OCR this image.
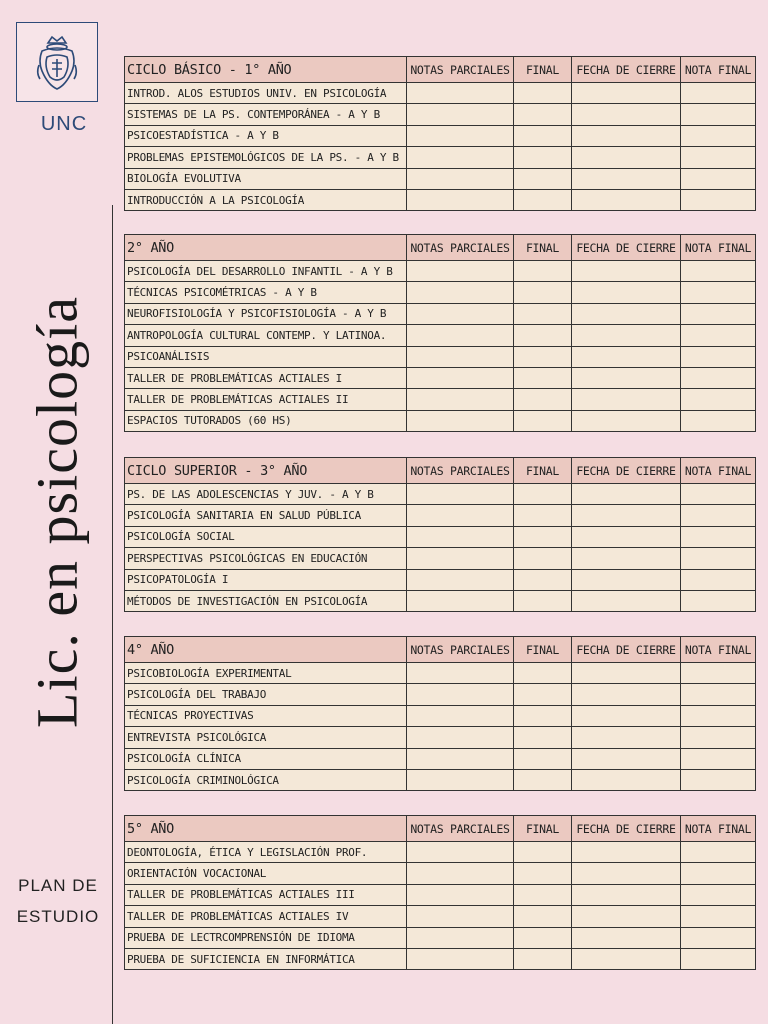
UNC
Lic. en psicología
PLAN DE
ESTUDIO
CICLO BÁSICO - 1° AÑO	NOTAS PARCIALES	FINAL	FECHA DE CIERRE	NOTA FINAL
INTROD. ALOS ESTUDIOS UNIV. EN PSICOLOGÍA				
SISTEMAS DE LA PS. CONTEMPORÁNEA - A Y B				
PSICOESTADÍSTICA - A Y B				
PROBLEMAS EPISTEMOLÓGICOS DE LA PS. - A Y B				
BIOLOGÍA EVOLUTIVA				
INTRODUCCIÓN A LA PSICOLOGÍA				
2° AÑO	NOTAS PARCIALES	FINAL	FECHA DE CIERRE	NOTA FINAL
PSICOLOGÍA DEL DESARROLLO INFANTIL - A Y B				
TÉCNICAS PSICOMÉTRICAS - A Y B				
NEUROFISIOLOGÍA Y PSICOFISIOLOGÍA - A Y B				
ANTROPOLOGÍA CULTURAL CONTEMP. Y LATINOA.				
PSICOANÁLISIS				
TALLER DE PROBLEMÁTICAS ACTIALES I				
TALLER DE PROBLEMÁTICAS ACTIALES II				
ESPACIOS TUTORADOS (60 HS)				
CICLO SUPERIOR - 3° AÑO	NOTAS PARCIALES	FINAL	FECHA DE CIERRE	NOTA FINAL
PS. DE LAS ADOLESCENCIAS Y JUV. - A Y B				
PSICOLOGÍA SANITARIA EN SALUD PÚBLICA				
PSICOLOGÍA SOCIAL				
PERSPECTIVAS PSICOLÓGICAS EN EDUCACIÓN				
PSICOPATOLOGÍA I				
MÉTODOS DE INVESTIGACIÓN EN PSICOLOGÍA				
4° AÑO	NOTAS PARCIALES	FINAL	FECHA DE CIERRE	NOTA FINAL
PSICOBIOLOGÍA EXPERIMENTAL				
PSICOLOGÍA DEL TRABAJO				
TÉCNICAS PROYECTIVAS				
ENTREVISTA PSICOLÓGICA				
PSICOLOGÍA CLÍNICA				
PSICOLOGÍA CRIMINOLÓGICA				
5° AÑO	NOTAS PARCIALES	FINAL	FECHA DE CIERRE	NOTA FINAL
DEONTOLOGÍA, ÉTICA Y LEGISLACIÓN PROF.				
ORIENTACIÓN VOCACIONAL				
TALLER DE PROBLEMÁTICAS ACTIALES III				
TALLER DE PROBLEMÁTICAS ACTIALES IV				
PRUEBA DE LECTRCOMPRENSIÓN DE IDIOMA				
PRUEBA DE SUFICIENCIA EN INFORMÁTICA				
